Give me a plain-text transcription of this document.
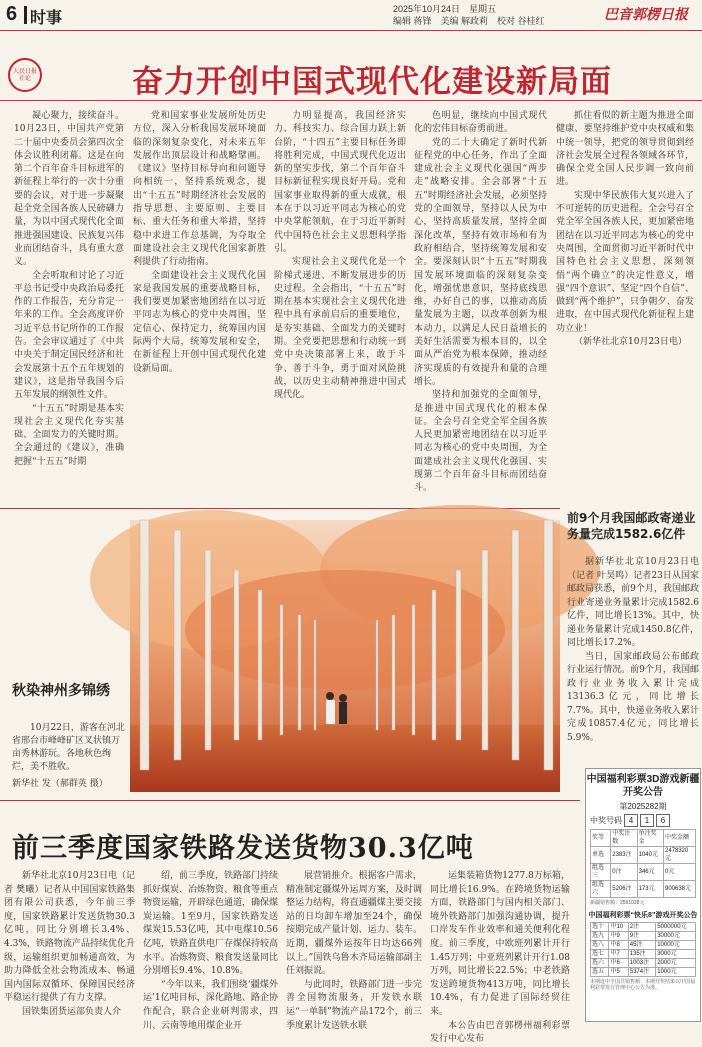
6 时事
2025年10月24日　星期五
编辑 蒋锋　美编 解政莉　校对 谷桂红	巴音郭楞日报
人民日报 社论	奋力开创中国式现代化建设新局面

凝心聚力，接续奋斗。10月23日，中国共产党第二十届中央委员会第四次全体会议胜利闭幕。这是在向第二个百年奋斗目标进军的新征程上举行的一次十分重要的会议，对于进一步凝聚起全党全国各族人民磅礴力量，为以中国式现代化全面推进强国建设、民族复兴伟业而团结奋斗，具有重大意义。

全会听取和讨论了习近平总书记受中央政治局委托作的工作报告，充分肯定一年来的工作。全会高度评价习近平总书记所作的工作报告。全会审议通过了《中共中央关于制定国民经济和社会发展第十五个五年规划的建议》，这是指导我国今后五年发展的纲领性文件。

“十五五”时期是基本实现社会主义现代化夯实基础、全面发力的关键时期。全会通过的《建议》，准确把握“十五五”时期

党和国家事业发展所处历史方位，深入分析我国发展环境面临的深刻复杂变化，对未来五年发展作出顶层设计和战略擘画。《建议》坚持目标导向和问题导向相统一，坚持系统观念，提出“十五五”时期经济社会发展的指导思想、主要原则、主要目标、重大任务和重大举措，坚持稳中求进工作总基调，为夺取全面建设社会主义现代化国家新胜利提供了行动指南。

全面建设社会主义现代化国家是我国发展的重要战略目标，我们要更加紧密地团结在以习近平同志为核心的党中央周围，坚定信心、保持定力，统筹国内国际两个大局，统筹发展和安全，在新征程上开创中国式现代化建设新局面。

力明显提高，我国经济实力、科技实力、综合国力跃上新台阶，“十四五”主要目标任务即将胜利完成，中国式现代化迈出新的坚实步伐，第二个百年奋斗目标新征程实现良好开局。党和国家事业取得新的重大成就，根本在于以习近平同志为核心的党中央掌舵领航，在于习近平新时代中国特色社会主义思想科学指引。

实现社会主义现代化是一个阶梯式递进、不断发展进步的历史过程。全会指出，“十五五”时期在基本实现社会主义现代化进程中具有承前启后的重要地位，是夯实基础、全面发力的关键时期。全党要把思想和行动统一到党中央决策部署上来，敢于斗争、善于斗争，勇于面对风险挑战，以历史主动精神推进中国式现代化。

色明显，继续向中国式现代化的宏伟目标奋勇前进。

党的二十大确定了新时代新征程党的中心任务，作出了全面建成社会主义现代化强国“两步走”战略安排。全会部署“十五五”时期经济社会发展，必须坚持党的全面领导，坚持以人民为中心，坚持高质量发展，坚持全面深化改革，坚持有效市场和有为政府相结合，坚持统筹发展和安全。要深刻认识“十五五”时期我国发展环境面临的深刻复杂变化，增强忧患意识，坚持底线思维，办好自己的事，以推动高质量发展为主题，以改革创新为根本动力，以满足人民日益增长的美好生活需要为根本目的，以全面从严治党为根本保障，推动经济实现质的有效提升和量的合理增长。

坚持和加强党的全面领导，是推进中国式现代化的根本保证。全会号召全党全军全国各族人民更加紧密地团结在以习近平同志为核心的党中央周围，为全面建成社会主义现代化强国、实现第二个百年奋斗目标而团结奋斗。

抓住看似的新主题为推进全面健康、要坚持维护党中央权威和集中统一领导，把党的领导贯彻到经济社会发展全过程各领域各环节，确保全党全国人民步调一致向前进。

实现中华民族伟大复兴进入了不可逆转的历史进程。全会号召全党全军全国各族人民，更加紧密地团结在以习近平同志为核心的党中央周围，全面贯彻习近平新时代中国特色社会主义思想，深刻领悟“两个确立”的决定性意义，增强“四个意识”、坚定“四个自信”、做到“两个维护”，只争朝夕、奋发进取，在中国式现代化新征程上建功立业！

（新华社北京10月23日电）

秋染神州多锦绣

10月22日，游客在河北省邢台市峰峰矿区叉状镇万亩秀林游玩。各地秋色绚烂，美不胜收。

新华社 发（郝群英 摄）
前9个月我国邮政寄递业务量完成1582.6亿件

据新华社北京10月23日电（记者 叶昊鸣）记者23日从国家邮政局获悉，前9个月，我国邮政行业寄递业务量累计完成1582.6亿件，同比增长13%。其中，快递业务量累计完成1450.8亿件，同比增长17.2%。

当日，国家邮政局公布邮政行业运行情况。前9个月，我国邮政行业业务收入累计完成13136.3亿元，同比增长7.7%。其中，快递业务收入累计完成10857.4亿元，同比增长5.9%。

中国福利彩票3D游戏新疆开奖公告
第2025282期
中奖号码 4	1	6
奖等	中奖注数	单注奖金	中奖金额
单选	2383注	1040元	2478320元
组选三	0注	346元	0元
组选六	5206注	173元	900638元
新疆销售额：2591028元
中国福利彩票“快乐8”游戏开奖公告
选十	中10	2注	5000000元
选九	中9	9注	30000元
选八	中8	45注	10000元
选七	中7	135注	3000元
选六	中6	1003注	2000元
选五	中5	5374注	1000元
本期选中全国共销售额：本期开奖结果以中国福利彩票发行管理中心公告为准。
前三季度国家铁路发送货物30.3亿吨

新华社北京10月23日电（记者 樊曦）记者从中国国家铁路集团有限公司获悉，今年前三季度，国家铁路累计发送货物30.3亿吨，同比分别增长3.4%、4.3%，铁路物流产品持续优化升级，运输组织更加畅通高效，为助力降低全社会物流成本、畅通国内国际双循环、保障国民经济平稳运行提供了有力支撑。

国铁集团货运部负责人介

绍，前三季度，铁路部门持续抓好煤炭、冶炼物资、粮食等重点物资运输，开辟绿色通道，确保煤炭运输。1至9月，国家铁路发送煤炭15.53亿吨，其中电煤10.56亿吨，铁路直供电厂存煤保持较高水平。冶炼物资、粮食发送量同比分别增长9.4%、10.8%。

“今年以来，我们围绕‘疆煤外运’1亿吨目标，深化路地、路企协作配合，联合企业研判需求，四川、云南等地用煤企业开

展营销推介。根据客户需求，精准制定疆煤外运周方案，及时调整运力结构，将直通疆煤主要交接站的日均卸车增加至24个，确保按期完成产量计划、运力、装车。近期，疆煤外运按年日均达66列以上。”国铁乌鲁木齐局运输部副主任刘振说。

与此同时，铁路部门进一步完善全国物流服务，开发铁水联运“一单制”物流产品172个，前三季度累计发送铁水联

运集装箱货物1277.8万标箱，同比增长16.9%。在跨境货物运输方面，铁路部门与国内相关部门、境外铁路部门加强沟通协调，提升口岸发车作业效率和通关便利化程度。前三季度，中欧班列累计开行1.45万列；中亚班列累计开行1.08万列，同比增长22.5%；中老铁路发送跨境货物413万吨，同比增长10.4%，有力促进了国际经贸往来。

本公告由巴音郭楞州福利彩票发行中心发布
